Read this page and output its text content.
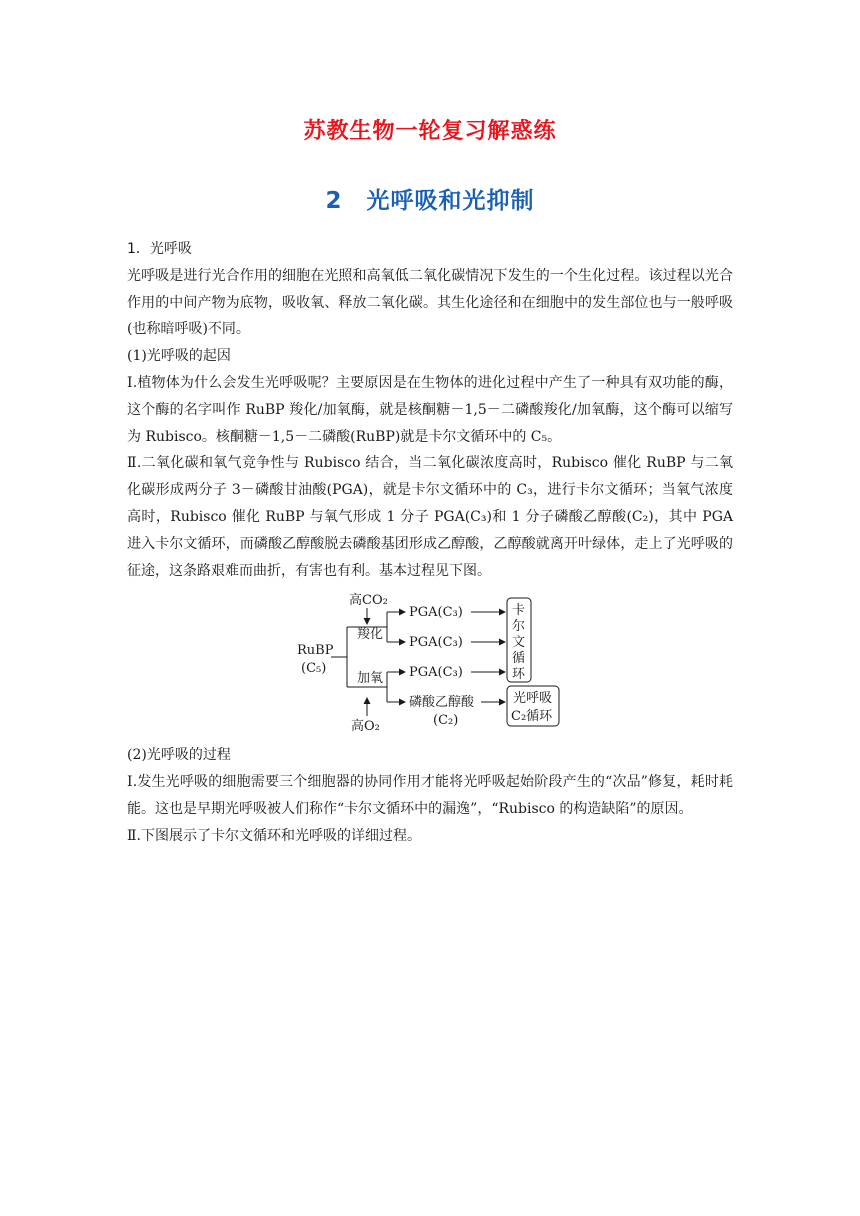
苏教生物一轮复习解惑练
2 光呼吸和光抑制

1．光呼吸

光呼吸是进行光合作用的细胞在光照和高氧低二氧化碳情况下发生的一个生化过程。该过程以光合作用的中间产物为底物，吸收氧、释放二氧化碳。其生化途径和在细胞中的发生部位也与一般呼吸(也称暗呼吸)不同。

(1)光呼吸的起因

Ⅰ.植物体为什么会发生光呼吸呢？主要原因是在生物体的进化过程中产生了一种具有双功能的酶，这个酶的名字叫作 RuBP 羧化/加氧酶，就是核酮糖－1,5－二磷酸羧化/加氧酶，这个酶可以缩写为 Rubisco。核酮糖－1,5－二磷酸(RuBP)就是卡尔文循环中的 C₅。

Ⅱ.二氧化碳和氧气竞争性与 Rubisco 结合，当二氧化碳浓度高时，Rubisco 催化 RuBP 与二氧化碳形成两分子 3－磷酸甘油酸(PGA)，就是卡尔文循环中的 C₃，进行卡尔文循环；当氧气浓度高时，Rubisco 催化 RuBP 与氧气形成 1 分子 PGA(C₃)和 1 分子磷酸乙醇酸(C₂)，其中 PGA 进入卡尔文循环，而磷酸乙醇酸脱去磷酸基团形成乙醇酸，乙醇酸就离开叶绿体，走上了光呼吸的征途，这条路艰难而曲折，有害也有利。基本过程见下图。

高CO₂
羧化
RuBP
(C₅)
PGA(C₃)
PGA(C₃)
加氧 PGA(C₃)
磷酸乙醇酸
(C₂)
高O₂
卡
尔
文
循
环
光呼吸
C₂循环

(2)光呼吸的过程

Ⅰ.发生光呼吸的细胞需要三个细胞器的协同作用才能将光呼吸起始阶段产生的“次品”修复，耗时耗能。这也是早期光呼吸被人们称作“卡尔文循环中的漏逸”，“Rubisco 的构造缺陷”的原因。

Ⅱ.下图展示了卡尔文循环和光呼吸的详细过程。
